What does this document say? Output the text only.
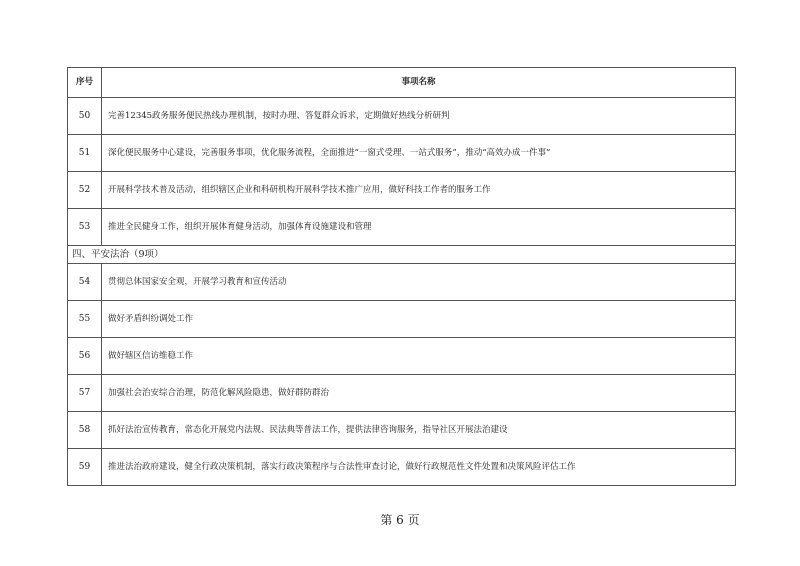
序号	事项名称
50	完善12345政务服务便民热线办理机制，按时办理、答复群众诉求，定期做好热线分析研判
51	深化便民服务中心建设，完善服务事项，优化服务流程，全面推进“一窗式受理、一站式服务”，推动“高效办成一件事”
52	开展科学技术普及活动，组织辖区企业和科研机构开展科学技术推广应用，做好科技工作者的服务工作
53	推进全民健身工作，组织开展体育健身活动，加强体育设施建设和管理
四、平安法治（9项）	
54	贯彻总体国家安全观，开展学习教育和宣传活动
55	做好矛盾纠纷调处工作
56	做好辖区信访维稳工作
57	加强社会治安综合治理，防范化解风险隐患，做好群防群治
58	抓好法治宣传教育，常态化开展党内法规、民法典等普法工作，提供法律咨询服务，指导社区开展法治建设
59	推进法治政府建设，健全行政决策机制，落实行政决策程序与合法性审查讨论，做好行政规范性文件处置和决策风险评估工作
第 6 页
